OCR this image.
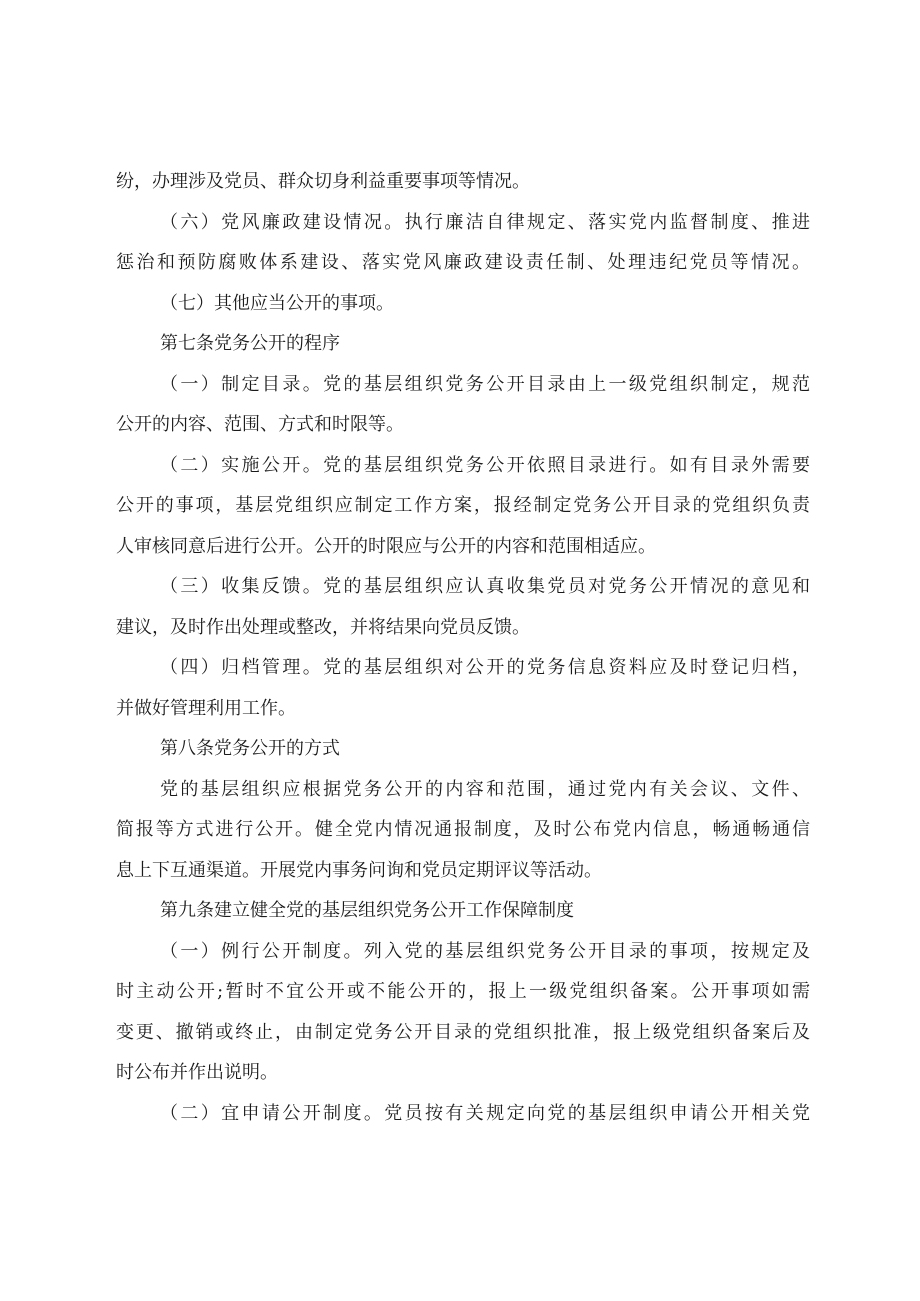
纷，办理涉及党员、群众切身利益重要事项等情况。
（六）党风廉政建设情况。执行廉洁自律规定、落实党内监督制度、推进
惩治和预防腐败体系建设、落实党风廉政建设责任制、处理违纪党员等情况。
（七）其他应当公开的事项。
第七条党务公开的程序
（一）制定目录。党的基层组织党务公开目录由上一级党组织制定，规范
公开的内容、范围、方式和时限等。
（二）实施公开。党的基层组织党务公开依照目录进行。如有目录外需要
公开的事项，基层党组织应制定工作方案，报经制定党务公开目录的党组织负责
人审核同意后进行公开。公开的时限应与公开的内容和范围相适应。
（三）收集反馈。党的基层组织应认真收集党员对党务公开情况的意见和
建议，及时作出处理或整改，并将结果向党员反馈。
（四）归档管理。党的基层组织对公开的党务信息资料应及时登记归档，
并做好管理利用工作。
第八条党务公开的方式
党的基层组织应根据党务公开的内容和范围，通过党内有关会议、文件、
简报等方式进行公开。健全党内情况通报制度，及时公布党内信息，畅通畅通信
息上下互通渠道。开展党内事务问询和党员定期评议等活动。
第九条建立健全党的基层组织党务公开工作保障制度
（一）例行公开制度。列入党的基层组织党务公开目录的事项，按规定及
时主动公开;暂时不宜公开或不能公开的，报上一级党组织备案。公开事项如需
变更、撤销或终止，由制定党务公开目录的党组织批准，报上级党组织备案后及
时公布并作出说明。
（二）宜申请公开制度。党员按有关规定向党的基层组织申请公开相关党
